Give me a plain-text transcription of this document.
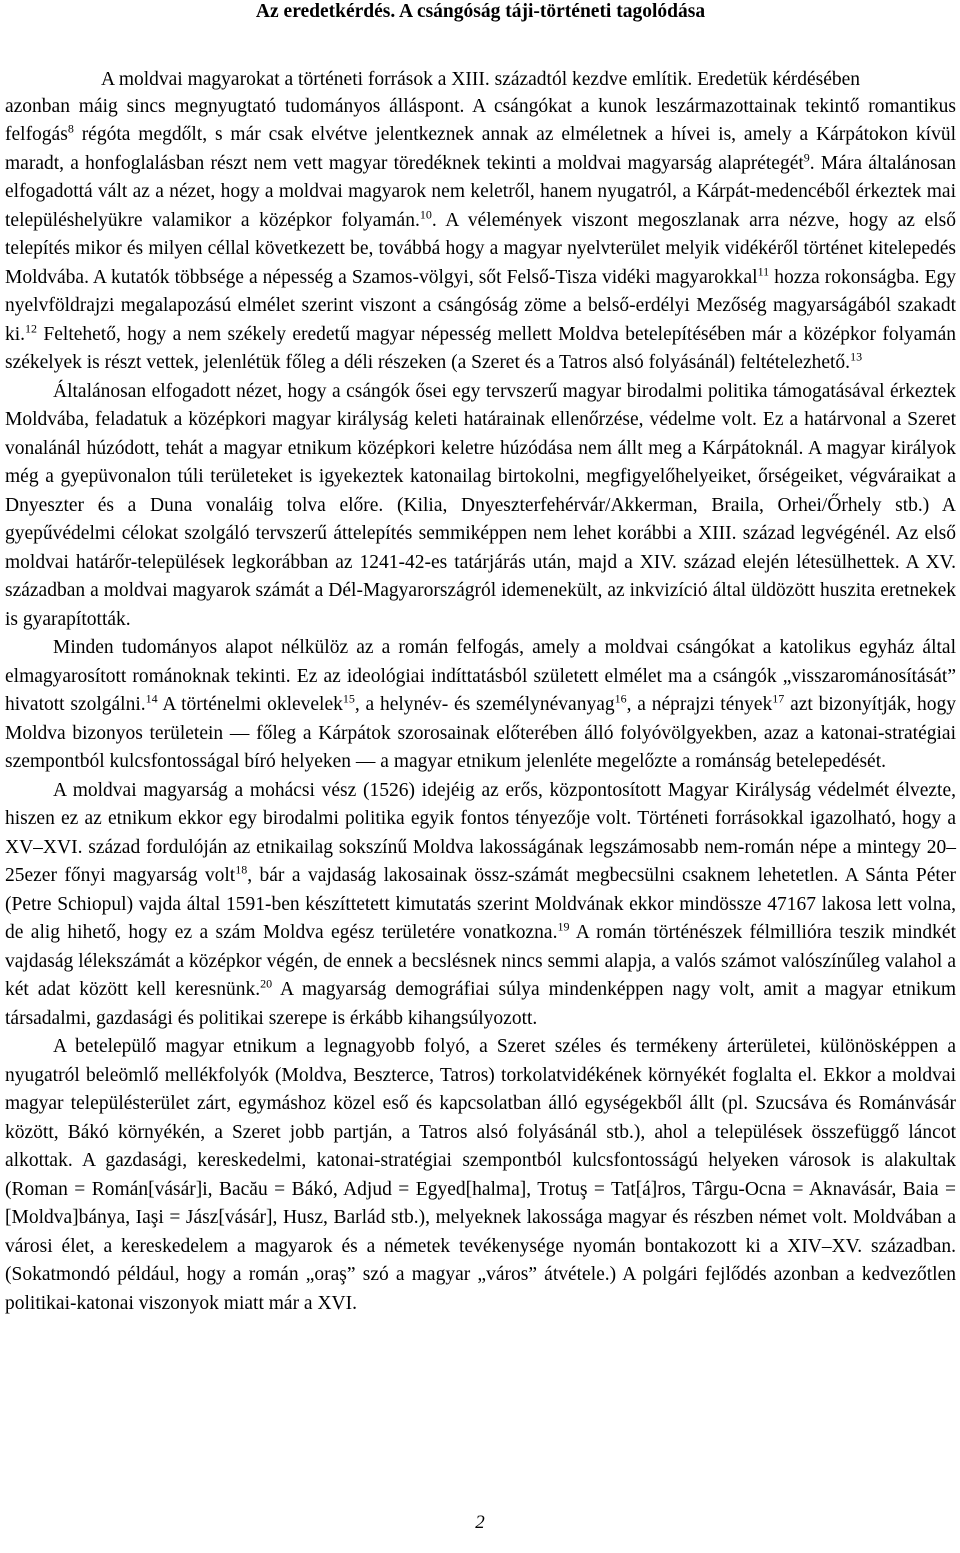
Az eredetkérdés. A csángóság táji-történeti tagolódása
A moldvai magyarokat a történeti források a XIII. századtól kezdve említik. Eredetük kérdésében

azonban máig sincs megnyugtató tudományos álláspont. A csángókat a kunok leszármazottainak tekintő romantikus felfogás$^8$ régóta megdőlt, s már csak elvétve jelentkeznek annak az elméletnek a hívei is, amely a Kárpátokon kívül maradt, a honfoglalásban részt nem vett magyar töredéknek tekinti a moldvai magyarság alaprétegét$^9$. Mára általánosan elfogadottá vált az a nézet, hogy a moldvai magyarok nem keletről, hanem nyugatról, a Kárpát-medencéből érkeztek mai településhelyükre valamikor a középkor folyamán.$^{10}$. A vélemények viszont megoszlanak arra nézve, hogy az első telepítés mikor és milyen céllal következett be, továbbá hogy a magyar nyelvterület melyik vidékéről történet kitelepedés Moldvába. A kutatók többsége a népesség a Szamos-völgyi, sőt Felső-Tisza vidéki magyarokkal$^{11}$ hozza rokonságba. Egy nyelvföldrajzi megalapozású elmélet szerint viszont a csángóság zöme a belső-erdélyi Mezőség magyarságából szakadt ki.$^{12}$ Feltehető, hogy a nem székely eredetű magyar népesség mellett Moldva betelepítésében már a középkor folyamán székelyek is részt vettek, jelenlétük főleg a déli részeken (a Szeret és a Tatros alsó folyásánál) feltételezhető.$^{13}$

Általánosan elfogadott nézet, hogy a csángók ősei egy tervszerű magyar birodalmi politika támogatásával érkeztek Moldvába, feladatuk a középkori magyar királyság keleti határainak ellenőrzése, védelme volt. Ez a határvonal a Szeret vonalánál húzódott, tehát a magyar etnikum középkori keletre húzódása nem állt meg a Kárpátoknál. A magyar királyok még a gyepüvonalon túli területeket is igyekeztek katonailag birtokolni, megfigyelőhelyeiket, őrségeiket, végváraikat a Dnyeszter és a Duna vonaláig tolva előre. (Kilia, Dnyeszterfehérvár/Akkerman, Braila, Orhei/Őrhely stb.) A gyepűvédelmi célokat szolgáló tervszerű áttelepítés semmiképpen nem lehet korábbi a XIII. század legvégénél. Az első moldvai határőr-települések legkorábban az 1241-42-es tatárjárás után, majd a XIV. század elején létesülhettek. A XV. században a moldvai magyarok számát a Dél-Magyarországról idemenekült, az inkvizíció által üldözött huszita eretnekek is gyarapították.

Minden tudományos alapot nélkülöz az a román felfogás, amely a moldvai csángókat a katolikus egyház által elmagyarosított románoknak tekinti. Ez az ideológiai indíttatásból született elmélet ma a csángók „visszarománosítását” hivatott szolgálni.$^{14}$ A történelmi oklevelek$^{15}$, a helynév- és személynévanyag$^{16}$, a néprajzi tények$^{17}$ azt bizonyítják, hogy Moldva bizonyos területein — főleg a Kárpátok szorosainak előterében álló folyóvölgyekben, azaz a katonai-stratégiai szempontból kulcsfontosságal bíró helyeken — a magyar etnikum jelenléte megelőzte a románság betelepedését.

A moldvai magyarság a mohácsi vész (1526) idejéig az erős, központosított Magyar Királyság védelmét élvezte, hiszen ez az etnikum ekkor egy birodalmi politika egyik fontos tényezője volt. Történeti forrásokkal igazolható, hogy a XV–XVI. század fordulóján az etnikailag sokszínű Moldva lakosságának legszámosabb nem-román népe a mintegy 20–25ezer főnyi magyarság volt$^{18}$, bár a vajdaság lakosainak össz-számát megbecsülni csaknem lehetetlen. A Sánta Péter (Petre Schiopul) vajda által 1591-ben készíttetett kimutatás szerint Moldvának ekkor mindössze 47167 lakosa lett volna, de alig hihető, hogy ez a szám Moldva egész területére vonatkozna.$^{19}$ A román történészek félmillióra teszik mindkét vajdaság lélekszámát a középkor végén, de ennek a becslésnek nincs semmi alapja, a valós számot valószínűleg valahol a két adat között kell keresnünk.$^{20}$ A magyarság demográfiai súlya mindenképpen nagy volt, amit a magyar etnikum társadalmi, gazdasági és politikai szerepe is érkább kihangsúlyozott.

A betelepülő magyar etnikum a legnagyobb folyó, a Szeret széles és termékeny árterületei, különösképpen a nyugatról beleömlő mellékfolyók (Moldva, Beszterce, Tatros) torkolatvidékének környékét foglalta el. Ekkor a moldvai magyar településterület zárt, egymáshoz közel eső és kapcsolatban álló egységekből állt (pl. Szucsáva és Románvásár között, Bákó környékén, a Szeret jobb partján, a Tatros alsó folyásánál stb.), ahol a települések összefüggő láncot alkottak. A gazdasági, kereskedelmi, katonai-stratégiai szempontból kulcsfontosságú helyeken városok is alakultak (Roman = Román[vásár]i, Bacău = Bákó, Adjud = Egyed[halma], Trotuş = Tat[á]ros, Târgu-Ocna = Aknavásár, Baia = [Moldva]bánya, Iaşi = Jász[vásár], Husz, Barlád stb.), melyeknek lakossága magyar és részben német volt. Moldvában a városi élet, a kereskedelem a magyarok és a németek tevékenysége nyomán bontakozott ki a XIV–XV. században. (Sokatmondó például, hogy a román „oraş” szó a magyar „város” átvétele.) A polgári fejlődés azonban a kedvezőtlen politikai-katonai viszonyok miatt már a XVI.

2
